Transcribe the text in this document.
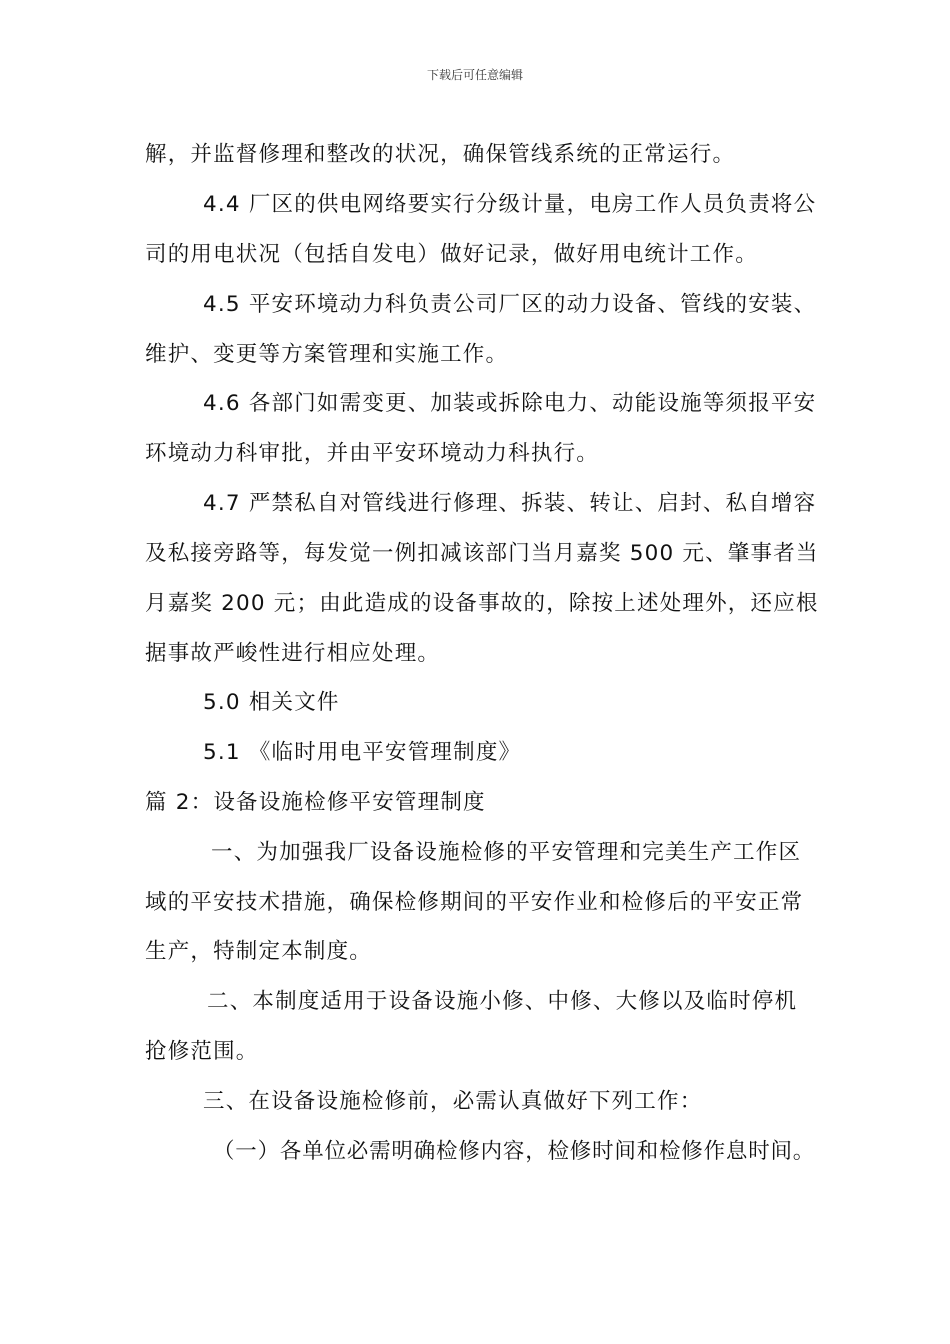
下载后可任意编辑
解，并监督修理和整改的状况，确保管线系统的正常运行。
4.4 厂区的供电网络要实行分级计量，电房工作人员负责将公
司的用电状况（包括自发电）做好记录，做好用电统计工作。
4.5 平安环境动力科负责公司厂区的动力设备、管线的安装、
维护、变更等方案管理和实施工作。
4.6 各部门如需变更、加装或拆除电力、动能设施等须报平安
环境动力科审批，并由平安环境动力科执行。
4.7 严禁私自对管线进行修理、拆装、转让、启封、私自增容
及私接旁路等，每发觉一例扣减该部门当月嘉奖 500 元、肇事者当
月嘉奖 200 元；由此造成的设备事故的，除按上述处理外，还应根
据事故严峻性进行相应处理。
5.0 相关文件
5.1 《临时用电平安管理制度》
篇 2：设备设施检修平安管理制度
一、为加强我厂设备设施检修的平安管理和完美生产工作区
域的平安技术措施，确保检修期间的平安作业和检修后的平安正常
生产，特制定本制度。
二、本制度适用于设备设施小修、中修、大修以及临时停机
抢修范围。
三、在设备设施检修前，必需认真做好下列工作：
（一）各单位必需明确检修内容，检修时间和检修作息时间。
